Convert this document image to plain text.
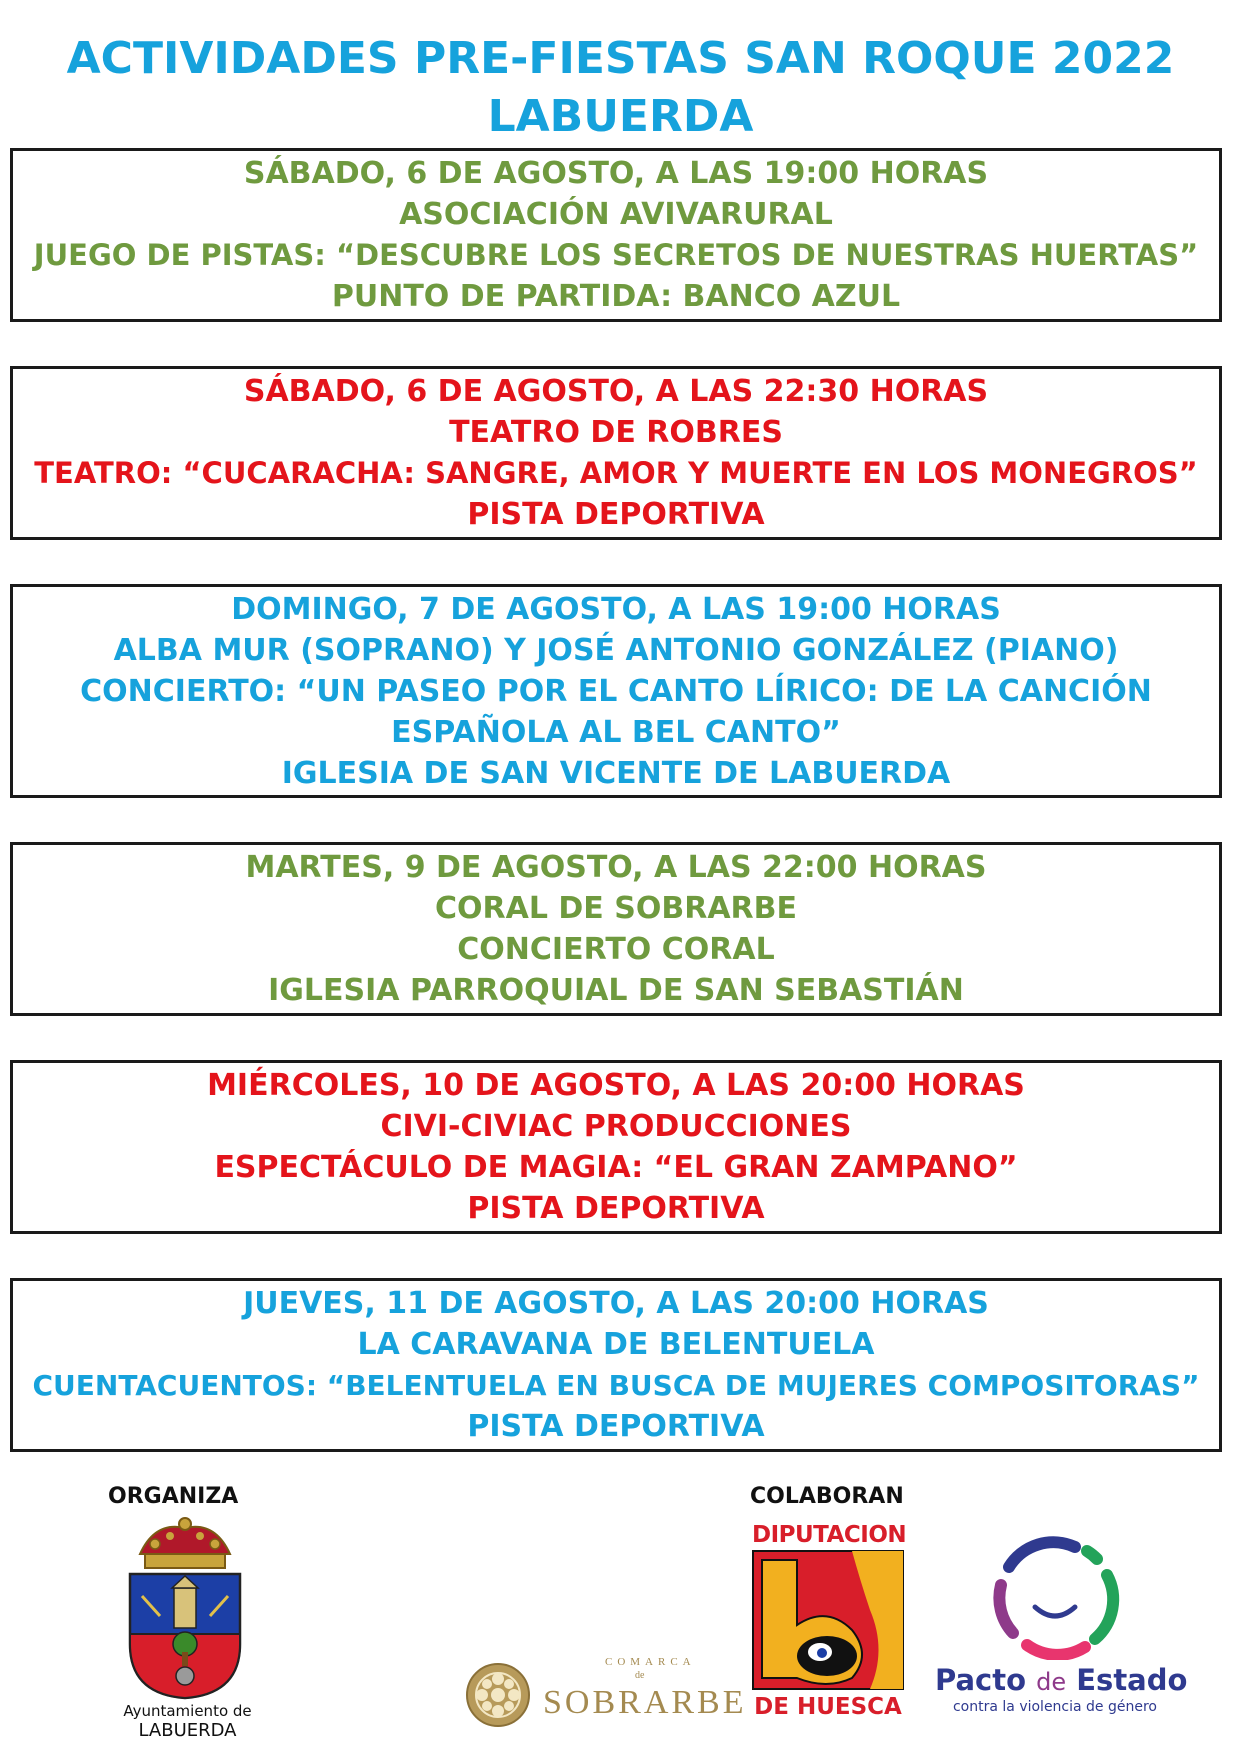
ACTIVIDADES PRE-FIESTAS SAN ROQUE 2022
LABUERDA
SÁBADO, 6 DE AGOSTO, A LAS 19:00 HORAS
ASOCIACIÓN AVIVARURAL
JUEGO DE PISTAS: “DESCUBRE LOS SECRETOS DE NUESTRAS HUERTAS”
PUNTO DE PARTIDA: BANCO AZUL
SÁBADO, 6 DE AGOSTO, A LAS 22:30 HORAS
TEATRO DE ROBRES
TEATRO: “CUCARACHA: SANGRE, AMOR Y MUERTE EN LOS MONEGROS”
PISTA DEPORTIVA
DOMINGO, 7 DE AGOSTO, A LAS 19:00 HORAS
ALBA MUR (SOPRANO) Y JOSÉ ANTONIO GONZÁLEZ (PIANO)
CONCIERTO: “UN PASEO POR EL CANTO LÍRICO: DE LA CANCIÓN
ESPAÑOLA AL BEL CANTO”
IGLESIA DE SAN VICENTE DE LABUERDA
MARTES, 9 DE AGOSTO, A LAS 22:00 HORAS
CORAL DE SOBRARBE
CONCIERTO CORAL
IGLESIA PARROQUIAL DE SAN SEBASTIÁN
MIÉRCOLES, 10 DE AGOSTO, A LAS 20:00 HORAS
CIVI-CIVIAC PRODUCCIONES
ESPECTÁCULO DE MAGIA: “EL GRAN ZAMPANO”
PISTA DEPORTIVA
JUEVES, 11 DE AGOSTO, A LAS 20:00 HORAS
LA CARAVANA DE BELENTUELA
CUENTACUENTOS: “BELENTUELA EN BUSCA DE MUJERES COMPOSITORAS”
PISTA DEPORTIVA
ORGANIZA	COLABORAN
Ayuntamiento de
LABUERDA
COMARCA
de
SOBRARBE
DIPUTACION
DE HUESCA
Pacto de Estado
contra la violencia de género
